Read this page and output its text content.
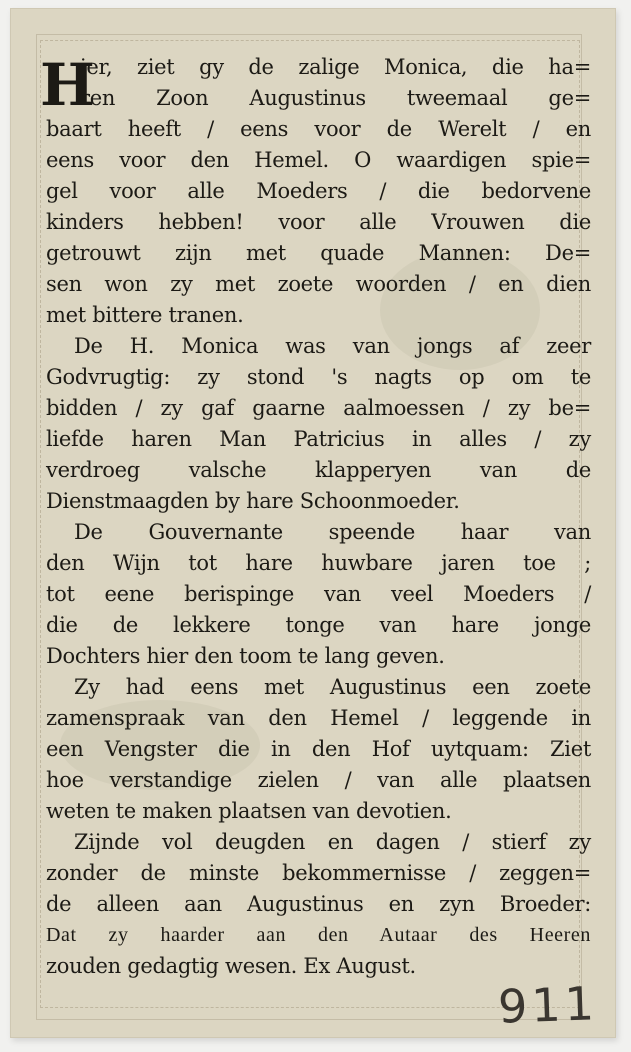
H
ier, ziet gy de zalige Monica, die ha=
ren Zoon Augustinus tweemaal ge=
baart heeft / eens voor de Werelt / en
eens voor den Hemel. O waardigen spie=
gel voor alle Moeders / die bedorvene
kinders hebben! voor alle Vrouwen die
getrouwt zijn met quade Mannen: De=
sen won zy met zoete woorden / en dien
met bittere tranen.
De H. Monica was van jongs af zeer
Godvrugtig: zy stond 's nagts op om te
bidden / zy gaf gaarne aalmoessen / zy be=
liefde haren Man Patricius in alles / zy
verdroeg valsche klapperyen van de
Dienstmaagden by hare Schoonmoeder.
De Gouvernante speende haar van
den Wijn tot hare huwbare jaren toe ;
tot eene berispinge van veel Moeders /
die de lekkere tonge van hare jonge
Dochters hier den toom te lang geven.
Zy had eens met Augustinus een zoete
zamenspraak van den Hemel / leggende in
een Vengster die in den Hof uytquam: Ziet
hoe verstandige zielen / van alle plaatsen
weten te maken plaatsen van devotien.
Zijnde vol deugden en dagen / stierf zy
zonder de minste bekommernisse / zeggen=
de alleen aan Augustinus en zyn Broeder:
Dat zy haarder aan den Autaar des Heeren
zouden gedagtig wesen. Ex August.
911
